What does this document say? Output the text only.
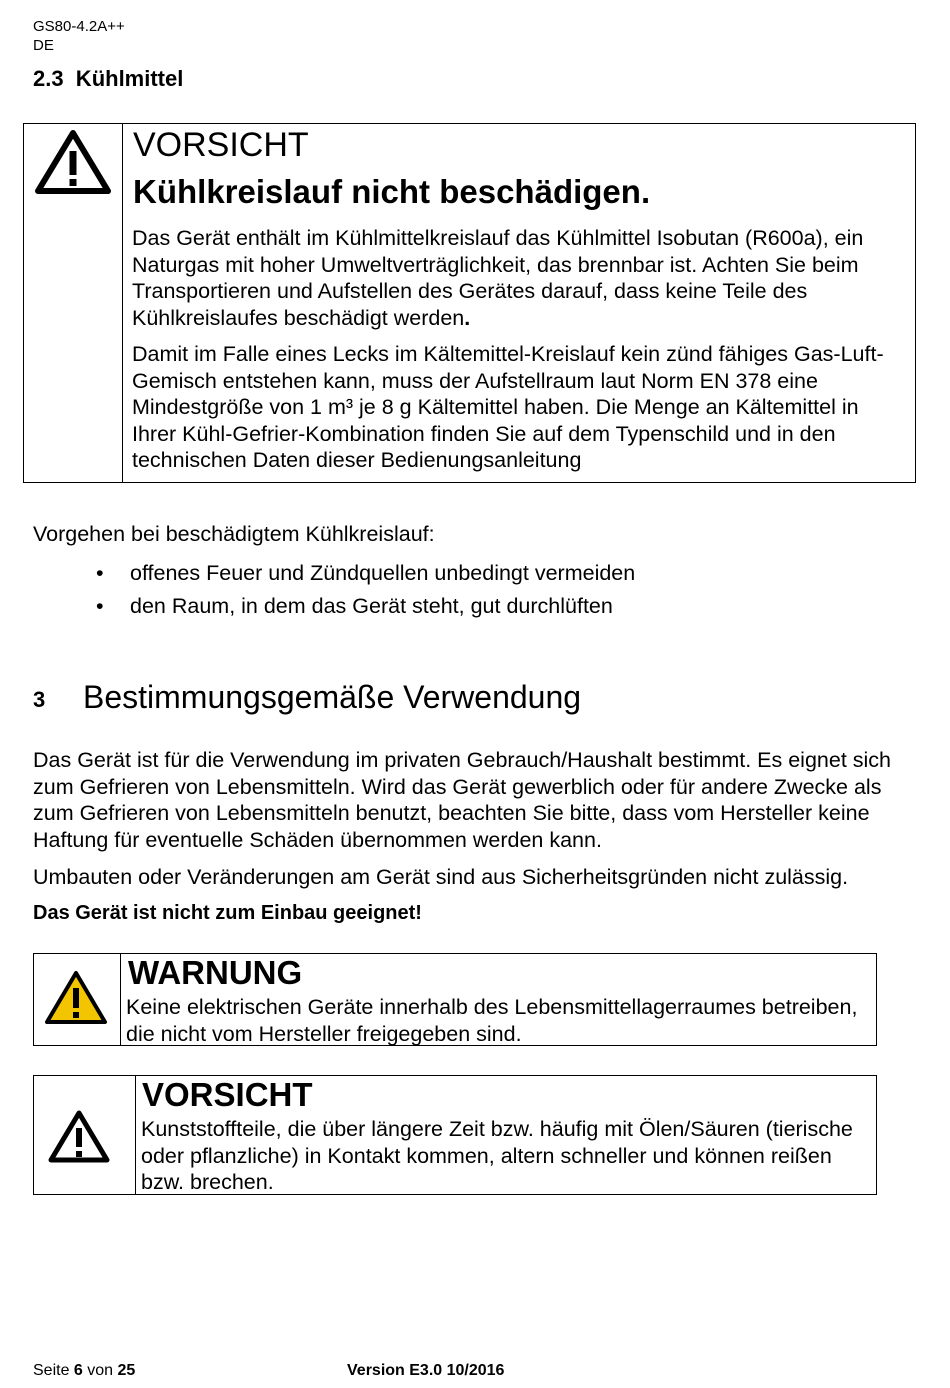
GS80-4.2A++
DE
2.3  Kühlmittel
VORSICHT
Kühlkreislauf nicht beschädigen.
Das Gerät enthält im Kühlmittelkreislauf das Kühlmittel Isobutan (R600a), ein Naturgas mit hoher Umweltverträglichkeit, das brennbar ist. Achten Sie beim Transportieren und Aufstellen des Gerätes darauf, dass keine Teile des Kühlkreislaufes beschädigt werden.
Damit im Falle eines Lecks im Kältemittel-Kreislauf kein zünd fähiges Gas-Luft-Gemisch entstehen kann, muss der Aufstellraum laut Norm EN 378 eine Mindestgröße von 1 m³ je 8 g Kältemittel haben. Die Menge an Kältemittel in Ihrer Kühl-Gefrier-Kombination finden Sie auf dem Typenschild und in den technischen Daten dieser Bedienungsanleitung
Vorgehen bei beschädigtem Kühlkreislauf:
• offenes Feuer und Zündquellen unbedingt vermeiden
• den Raum, in dem das Gerät steht, gut durchlüften
3 Bestimmungsgemäße Verwendung
Das Gerät ist für die Verwendung im privaten Gebrauch/Haushalt bestimmt. Es eignet sich zum Gefrieren von Lebensmitteln. Wird das Gerät gewerblich oder für andere Zwecke als zum Gefrieren von Lebensmitteln benutzt, beachten Sie bitte, dass vom Hersteller keine Haftung für eventuelle Schäden übernommen werden kann.
Umbauten oder Veränderungen am Gerät sind aus Sicherheitsgründen nicht zulässig.
Das Gerät ist nicht zum Einbau geeignet!
WARNUNG
Keine elektrischen Geräte innerhalb des Lebensmittellagerraumes betreiben, die nicht vom Hersteller freigegeben sind.
VORSICHT
Kunststoffteile, die über längere Zeit bzw. häufig mit Ölen/Säuren (tierische oder pflanzliche) in Kontakt kommen, altern schneller und können reißen bzw. brechen.
Seite 6 von 25	Version E3.0 10/2016
